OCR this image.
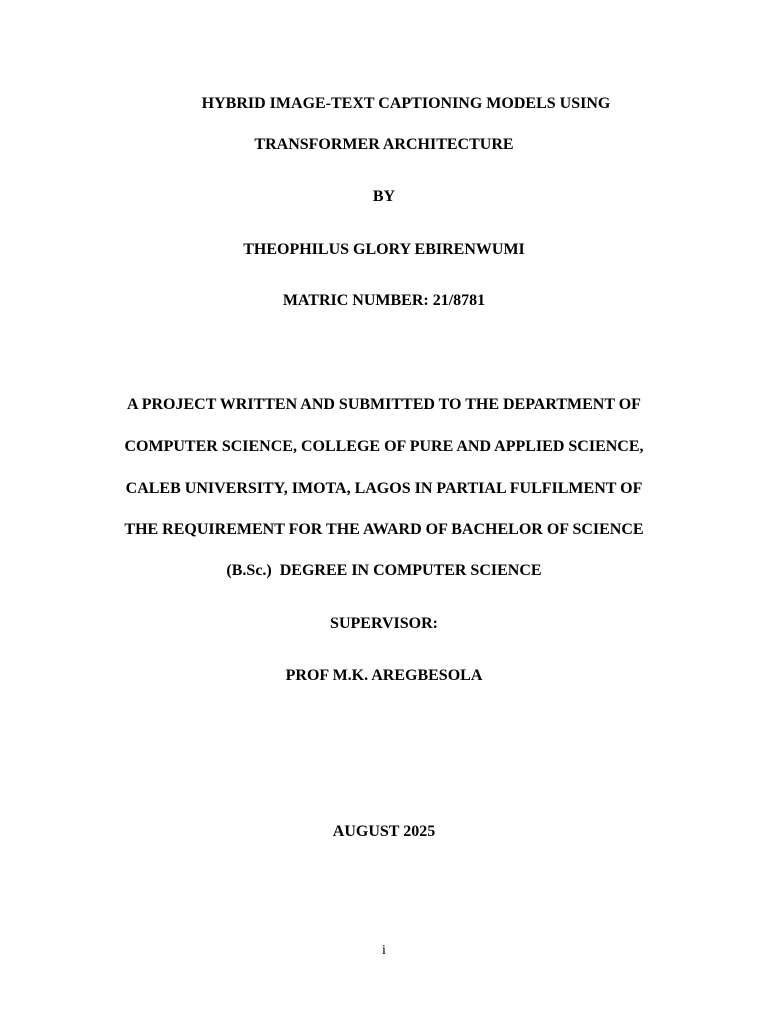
HYBRID IMAGE-TEXT CAPTIONING MODELS USING
TRANSFORMER ARCHITECTURE
BY
THEOPHILUS GLORY EBIRENWUMI
MATRIC NUMBER: 21/8781
A PROJECT WRITTEN AND SUBMITTED TO THE DEPARTMENT OF
COMPUTER SCIENCE, COLLEGE OF PURE AND APPLIED SCIENCE,
CALEB UNIVERSITY, IMOTA, LAGOS IN PARTIAL FULFILMENT OF
THE REQUIREMENT FOR THE AWARD OF BACHELOR OF SCIENCE
(B.Sc.)  DEGREE IN COMPUTER SCIENCE
SUPERVISOR:
PROF M.K. AREGBESOLA
AUGUST 2025
i
